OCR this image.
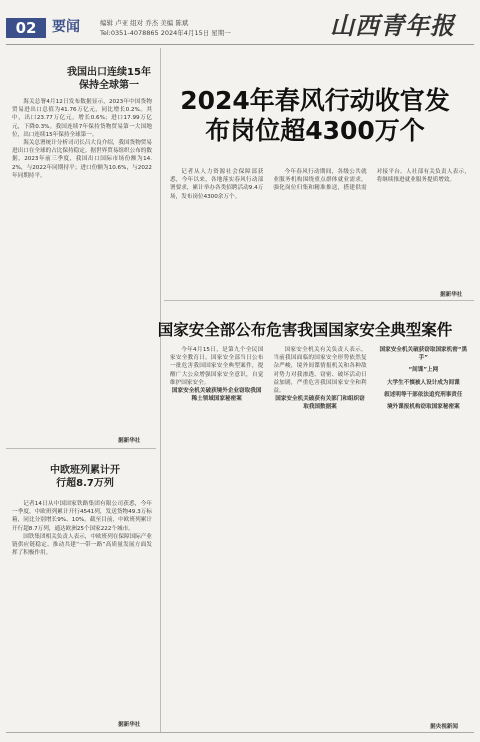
02	要闻	编辑 卢亚 组对 乔杰 美编 陈斌
Tel:0351-4078865 2024年4月15日 星期一	山西青年报
我国出口连续15年保持全球第一

海关总署4月12日发布数据显示，2023年中国货物贸易进出口总值为41.76万亿元，同比增长0.2%。其中，出口23.77万亿元，增长0.6%；进口17.99万亿元，下降0.3%。我国连续7年保持货物贸易第一大国地位，出口连续15年保持全球第一。

海关总署统计分析司司长吕大良介绍，我国货物贸易进出口在全球的占比保持稳定。据世界贸易组织公布的数据，2023年前三季度，我国出口国际市场份额为14.2%，与2022年同期持平；进口份额为10.6%，与2022年同期持平。

据新华社
中欧班列累计开行超8.7万列

记者14日从中国国家铁路集团有限公司获悉，今年一季度，中欧班列累计开行4541列，发送货物49.3万标箱，同比分别增长9%、10%。截至目前，中欧班列累计开行超8.7万列，通达欧洲25个国家222个城市。

国铁集团相关负责人表示，中欧班列在保障国际产业链供应链稳定、推动共建“一带一路”高质量发展方面发挥了积极作用。

据新华社
2024年春风行动收官发布岗位超4300万个

记者从人力资源社会保障部获悉，今年以来，各地落实春风行动部署要求，累计举办各类招聘活动9.4万场，发布岗位4300余万个。

今年春风行动期间，各级公共就业服务机构围绕重点群体就业需求，强化岗位归集和精准推送，搭建供需对接平台。人社部有关负责人表示，将继续推进就业服务提质增效。

据新华社
国家安全部公布危害我国国家安全典型案件

今年4月15日，是第九个全民国家安全教育日。国家安全部当日公布一批危害我国国家安全典型案件，提醒广大公众增强国家安全意识，自觉维护国家安全。

国家安全机关破获境外企业窃取我国稀土领域国家秘密案

国家安全机关有关负责人表示，当前我国面临的国家安全形势依然复杂严峻，境外间谍情报机关和各种敌对势力对我渗透、窃密、破坏活动日益加剧，严重危害我国国家安全和利益。

国家安全机关破获有关部门和组织窃取我国数据案

国家安全机关破获窃取国家机密“黑手”

“间谍”上网

大学生不慎被人设计成为间谍

叙述明等干部依法追究刑事责任

境外谍报机构窃取国家秘密案

据央视新闻
